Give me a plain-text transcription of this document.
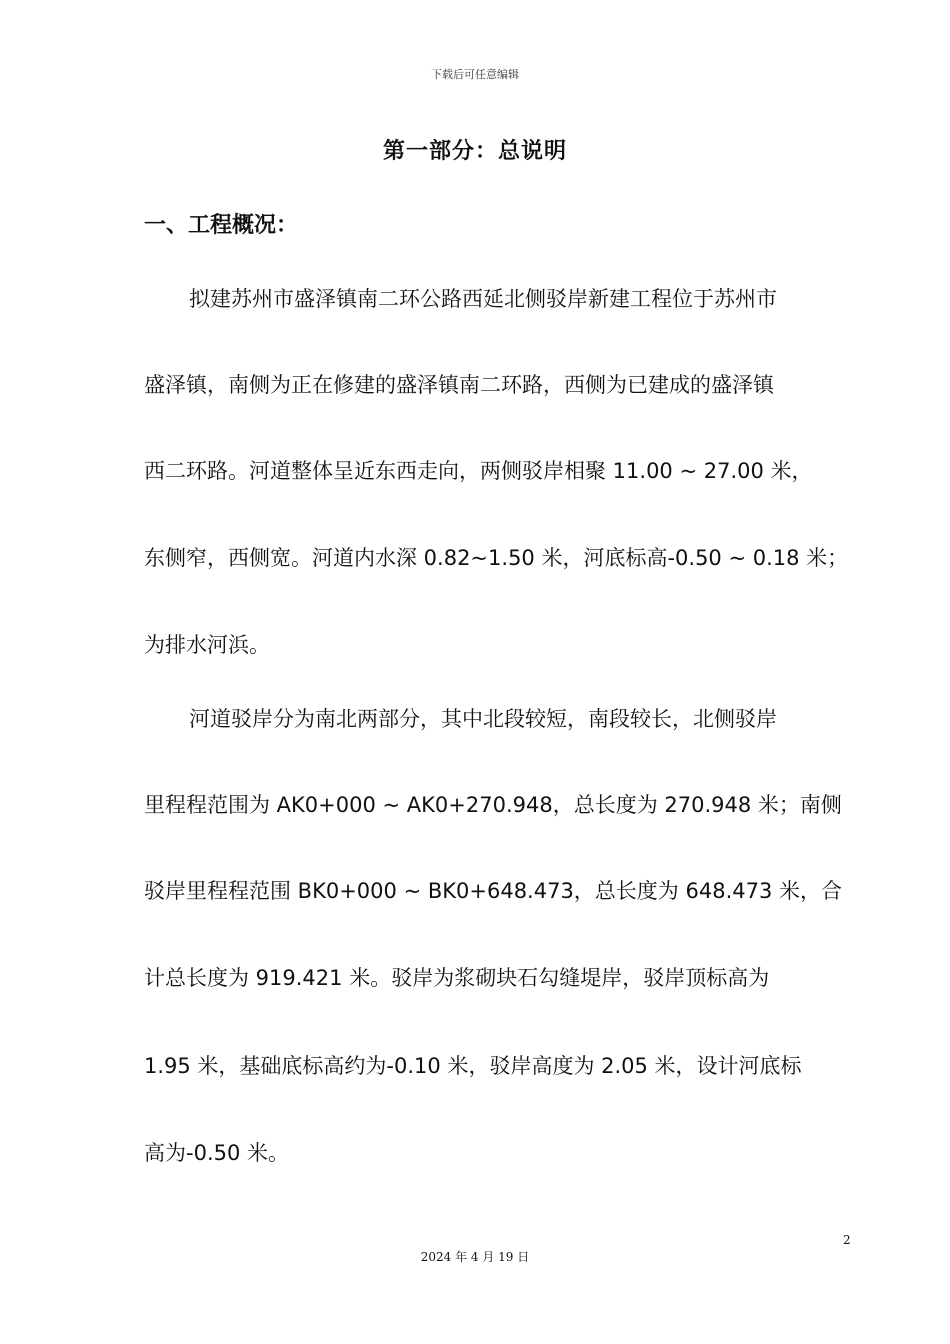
下载后可任意编辑
第一部分：总说明
一、工程概况：
拟建苏州市盛泽镇南二环公路西延北侧驳岸新建工程位于苏州市
盛泽镇，南侧为正在修建的盛泽镇南二环路，西侧为已建成的盛泽镇
西二环路。河道整体呈近东西走向，两侧驳岸相聚 11.00 ~ 27.00 米，
东侧窄，西侧宽。河道内水深 0.82~1.50 米，河底标高-0.50 ~ 0.18 米；
为排水河浜。
河道驳岸分为南北两部分，其中北段较短，南段较长，北侧驳岸
里程程范围为 AK0+000 ~ AK0+270.948，总长度为 270.948 米；南侧
驳岸里程程范围 BK0+000 ~ BK0+648.473，总长度为 648.473 米，合
计总长度为 919.421 米。驳岸为浆砌块石勾缝堤岸，驳岸顶标高为
1.95 米，基础底标高约为-0.10 米，驳岸高度为 2.05 米，设计河底标
高为-0.50 米。
2
2024 年 4 月 19 日
